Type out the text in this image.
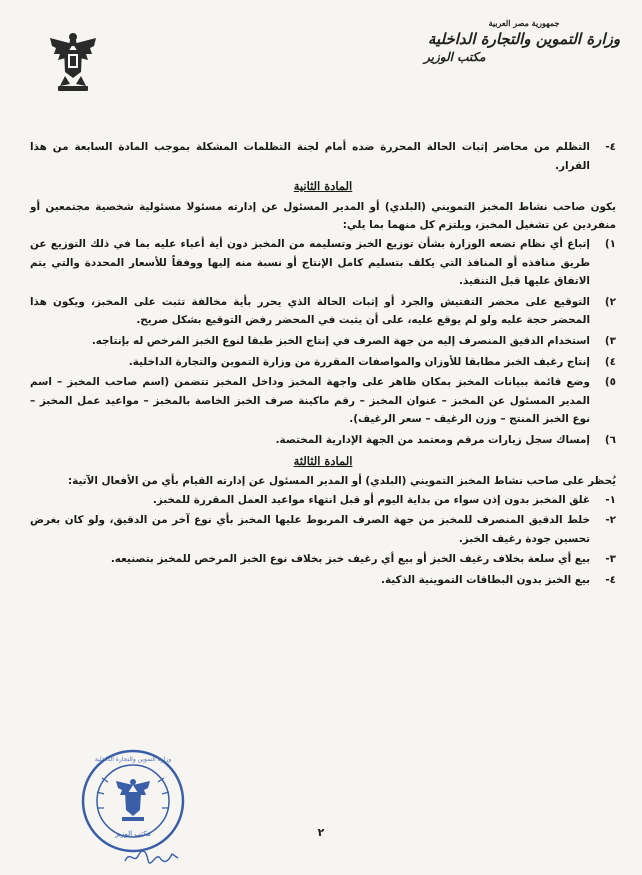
جمهورية مصر العربية
وزارة التموين والتجارة الداخلية
مكتب الوزير
٤-
التظلم من محاضر إثبات الحالة المحررة ضده أمام لجنة التظلمات المشكلة بموجب المادة السابعة من هذا القرار.
المادة الثانية

يكون صاحب نشاط المخبز التمويني (البلدي) أو المدير المسئول عن إدارته مسئولا مسئولية شخصية مجتمعين أو منفردين عن تشغيل المخبز، ويلتزم كل منهما بما يلي:

١)
إتباع أي نظام تضعه الوزارة بشأن توزيع الخبز وتسليمه من المخبز دون أية أعباء عليه بما في ذلك التوزيع عن طريق منافذه أو المنافذ التي يكلف بتسليم كامل الإنتاج أو نسبة منه إليها ووفقاً للأسعار المحددة والتي يتم الاتفاق عليها قبل التنفيذ.
٢)
التوقيع على محضر التفتيش والجرد أو إثبات الحالة الذي يحرر بأية مخالفة تثبت على المخبز، ويكون هذا المحضر حجة عليه ولو لم يوقع عليه، على أن يثبت في المحضر رفض التوقيع بشكل صريح.
٣)
استخدام الدقيق المنصرف إليه من جهة الصرف في إنتاج الخبز طبقا لنوع الخبز المرخص له بإنتاجه.
٤)
إنتاج رغيف الخبز مطابقا للأوزان والمواصفات المقررة من وزارة التموين والتجارة الداخلية.
٥)
وضع قائمة ببيانات المخبز بمكان ظاهر على واجهة المخبز وداخل المخبز تتضمن (اسم صاحب المخبز – اسم المدير المسئول عن المخبز – عنوان المخبز – رقم ماكينة صرف الخبز الخاصة بالمخبز – مواعيد عمل المخبز – نوع الخبز المنتج – وزن الرغيف – سعر الرغيف).
٦)
إمساك سجل زيارات مرقم ومعتمد من الجهة الإدارية المختصة.
المادة الثالثة

يُحظر على صاحب نشاط المخبز التمويني (البلدي) أو المدير المسئول عن إدارته القيام بأي من الأفعال الآتية:

١-
غلق المخبز بدون إذن سواء من بداية اليوم أو قبل انتهاء مواعيد العمل المقررة للمخبز.
٢-
خلط الدقيق المنصرف للمخبز من جهة الصرف المربوط عليها المخبز بأي نوع آخر من الدقيق، ولو كان بغرض تحسين جودة رغيف الخبز.
٣-
بيع أي سلعة بخلاف رغيف الخبز أو بيع أي رغيف خبز بخلاف نوع الخبز المرخص للمخبز بتصنيعه.
٤-
بيع الخبز بدون البطاقات التموينية الذكية.
مكتب الوزير
وزارة التموين والتجارة الداخلية
٢
